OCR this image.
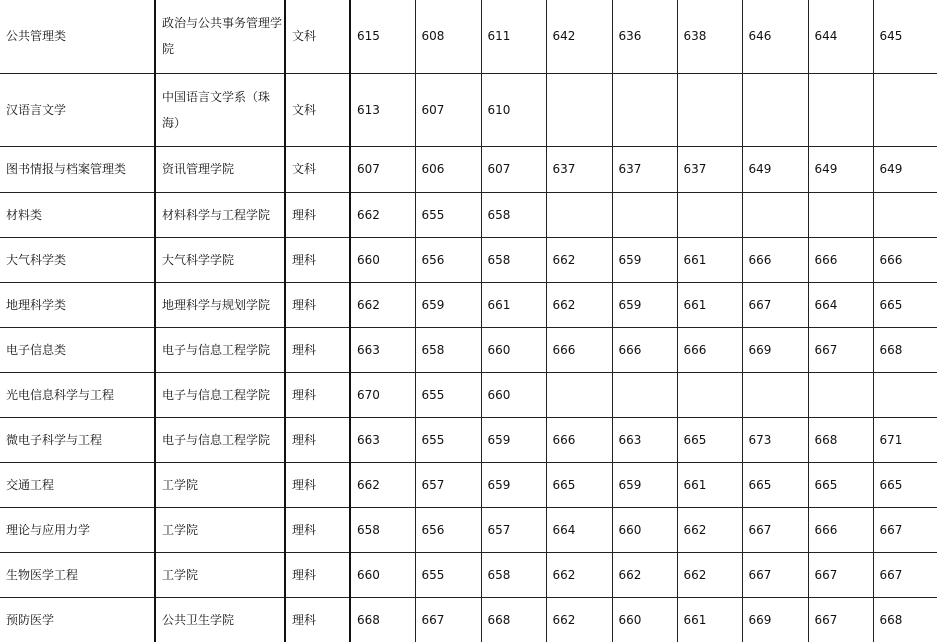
公共管理类	政治与公共事务管理学院	文科	615	608	611	642	636	638	646	644	645
汉语言文学	中国语言文学系（珠海）	文科	613	607	610						
图书情报与档案管理类	资讯管理学院	文科	607	606	607	637	637	637	649	649	649
材料类	材料科学与工程学院	理科	662	655	658						
大气科学类	大气科学学院	理科	660	656	658	662	659	661	666	666	666
地理科学类	地理科学与规划学院	理科	662	659	661	662	659	661	667	664	665
电子信息类	电子与信息工程学院	理科	663	658	660	666	666	666	669	667	668
光电信息科学与工程	电子与信息工程学院	理科	670	655	660						
微电子科学与工程	电子与信息工程学院	理科	663	655	659	666	663	665	673	668	671
交通工程	工学院	理科	662	657	659	665	659	661	665	665	665
理论与应用力学	工学院	理科	658	656	657	664	660	662	667	666	667
生物医学工程	工学院	理科	660	655	658	662	662	662	667	667	667
预防医学	公共卫生学院	理科	668	667	668	662	660	661	669	667	668
